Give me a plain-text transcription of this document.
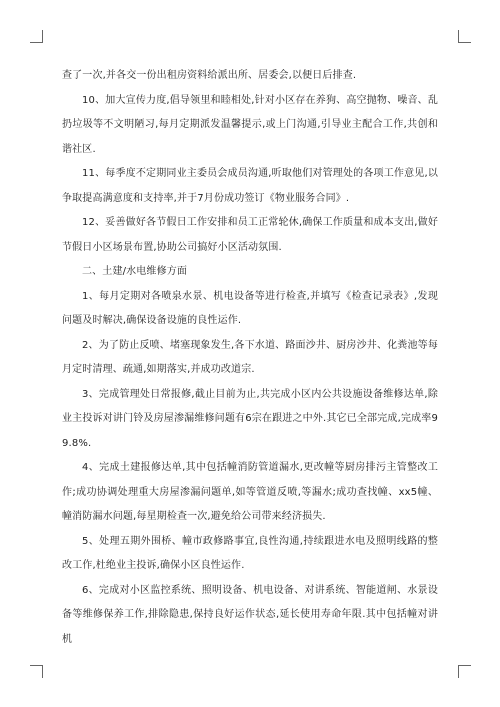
查了一次,并各交一份出租房资料给派出所、居委会,以便日后排查.

10、加大宣传力度,倡导领里和睦相处,针对小区存在养狗、高空抛物、噪音、乱扔垃圾等不文明陋习,每月定期派发温馨提示,或上门沟通,引导业主配合工作,共创和谐社区.

11、每季度不定期同业主委员会成员沟通,听取他们对管理处的各项工作意见,以争取提高满意度和支持率,并于7月份成功签订《物业服务合同》.

12、妥善做好各节假日工作安排和员工正常轮休,确保工作质量和成本支出,做好节假日小区场景布置,协助公司搞好小区活动氛围.

二、土建/水电维修方面

1、每月定期对各喷泉水景、机电设备等进行检查,并填写《检查记录表》,发现问题及时解决,确保设备设施的良性运作.

2、为了防止反喷、堵塞现象发生,各下水道、路面沙井、厨房沙井、化粪池等每月定时清理、疏通,如期落实,并成功改道宗.

3、完成管理处日常报修,截止目前为止,共完成小区内公共设施设备维修达单,除业主投诉对讲门铃及房屋渗漏维修问题有6宗在跟进之中外.其它已全部完成,完成率99.8%.

4、完成土建报修达单,其中包括幢消防管道漏水,更改幢等厨房排污主管整改工作;成功协调处理重大房屋渗漏问题单,如等管道反喷,等漏水;成功查找幢、xx5幢、幢消防漏水问题,每星期检查一次,避免给公司带来经济损失.

5、处理五期外围桥、幢市政修路事宜,良性沟通,持续跟进水电及照明线路的整改工作,杜绝业主投诉,确保小区良性运作.

6、完成对小区监控系统、照明设备、机电设备、对讲系统、智能道闸、水景设备等维修保养工作,排除隐患,保持良好运作状态,延长使用寿命年限.其中包括幢对讲机
